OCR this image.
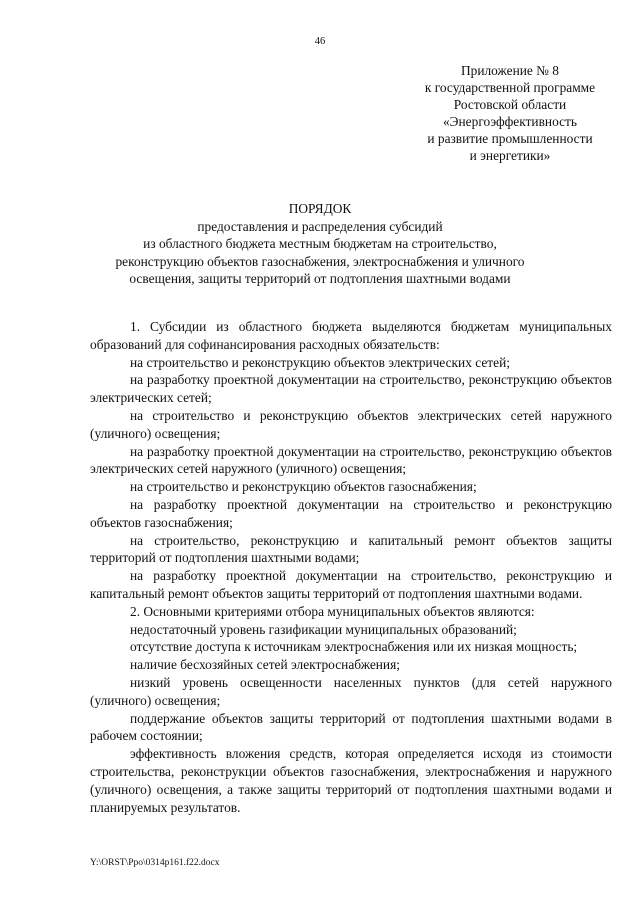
46
Приложение № 8
к государственной программе
Ростовской области
«Энергоэффективность
и развитие промышленности
и энергетики»
ПОРЯДОК
предоставления и распределения субсидий
из областного бюджета местным бюджетам на строительство,
реконструкцию объектов газоснабжения, электроснабжения и уличного
освещения, защиты территорий от подтопления шахтными водами

1. Субсидии из областного бюджета выделяются бюджетам муниципальных образований для софинансирования расходных обязательств:

на строительство и реконструкцию объектов электрических сетей;

на разработку проектной документации на строительство, реконструкцию объектов электрических сетей;

на строительство и реконструкцию объектов электрических сетей наружного (уличного) освещения;

на разработку проектной документации на строительство, реконструкцию объектов электрических сетей наружного (уличного) освещения;

на строительство и реконструкцию объектов газоснабжения;

на разработку проектной документации на строительство и реконструкцию объектов газоснабжения;

на строительство, реконструкцию и капитальный ремонт объектов защиты территорий от подтопления шахтными водами;

на разработку проектной документации на строительство, реконструкцию и капитальный ремонт объектов защиты территорий от подтопления шахтными водами.

2. Основными критериями отбора муниципальных объектов являются:

недостаточный уровень газификации муниципальных образований;

отсутствие доступа к источникам электроснабжения или их низкая мощность;

наличие бесхозяйных сетей электроснабжения;

низкий уровень освещенности населенных пунктов (для сетей наружного (уличного) освещения;

поддержание объектов защиты территорий от подтопления шахтными водами в рабочем состоянии;

эффективность вложения средств, которая определяется исходя из стоимости строительства, реконструкции объектов газоснабжения, электроснабжения и наружного (уличного) освещения, а также защиты территорий от подтопления шахтными водами и планируемых результатов.

Y:\ORST\Ppo\0314p161.f22.docx
